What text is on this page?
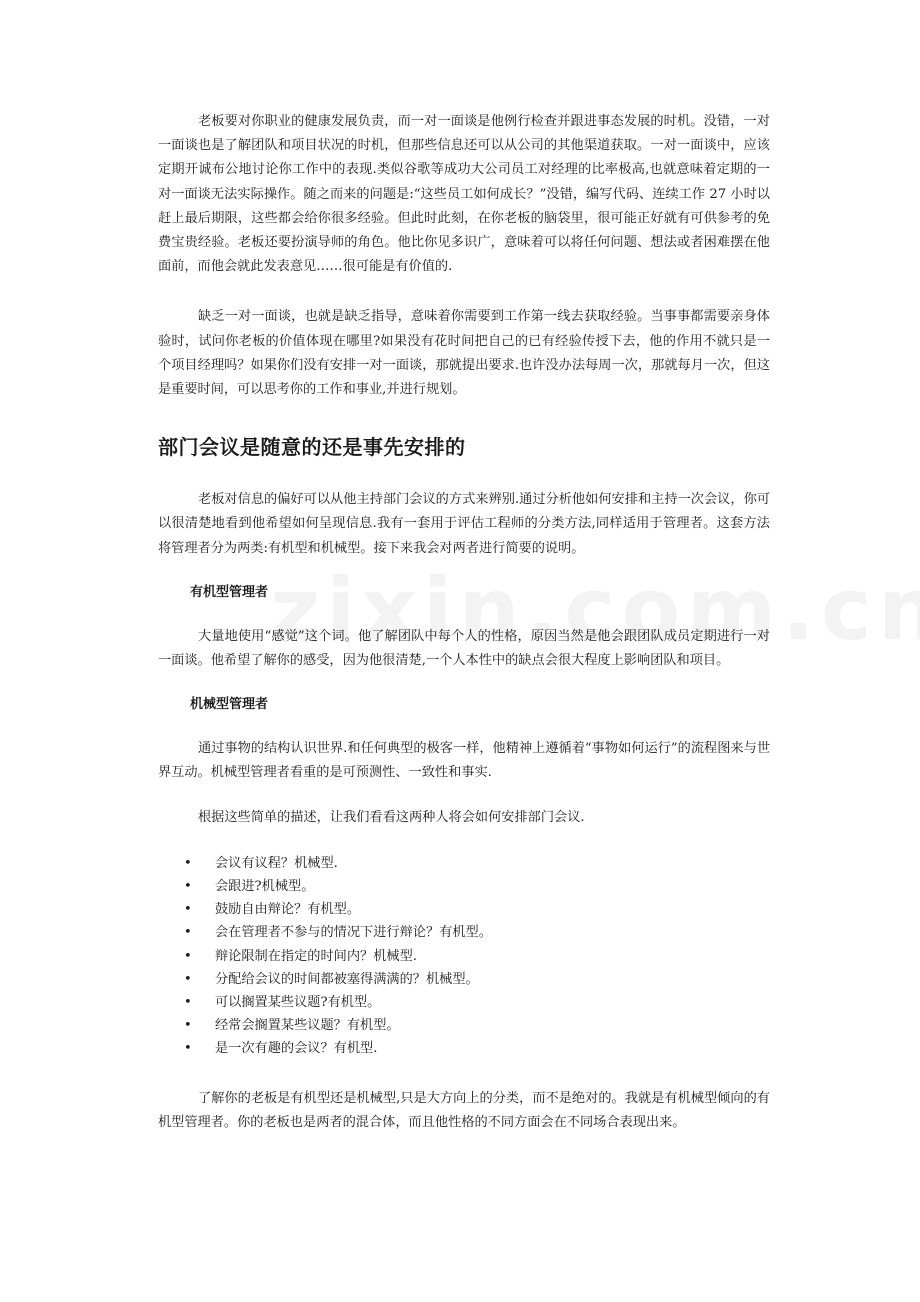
老板要对你职业的健康发展负责，而一对一面谈是他例行检查并跟进事态发展的时机。没错，一对一面谈也是了解团队和项目状况的时机，但那些信息还可以从公司的其他渠道获取。一对一面谈中，应该定期开诚布公地讨论你工作中的表现.类似谷歌等成功大公司员工对经理的比率极高,也就意味着定期的一对一面谈无法实际操作。随之而来的问题是:“这些员工如何成长？”没错，编写代码、连续工作 27 小时以赶上最后期限，这些都会给你很多经验。但此时此刻，在你老板的脑袋里，很可能正好就有可供参考的免费宝贵经验。老板还要扮演导师的角色。他比你见多识广，意味着可以将任何问题、想法或者困难摆在他面前，而他会就此发表意见……很可能是有价值的.

缺乏一对一面谈，也就是缺乏指导，意味着你需要到工作第一线去获取经验。当事事都需要亲身体验时，试问你老板的价值体现在哪里?如果没有花时间把自己的已有经验传授下去，他的作用不就只是一个项目经理吗？如果你们没有安排一对一面谈，那就提出要求.也许没办法每周一次，那就每月一次，但这是重要时间，可以思考你的工作和事业,并进行规划。

部门会议是随意的还是事先安排的

老板对信息的偏好可以从他主持部门会议的方式来辨别.通过分析他如何安排和主持一次会议，你可以很清楚地看到他希望如何呈现信息.我有一套用于评估工程师的分类方法,同样适用于管理者。这套方法将管理者分为两类:有机型和机械型。接下来我会对两者进行简要的说明。

有机型管理者

大量地使用“感觉”这个词。他了解团队中每个人的性格，原因当然是他会跟团队成员定期进行一对一面谈。他希望了解你的感受，因为他很清楚,一个人本性中的缺点会很大程度上影响团队和项目。

机械型管理者

通过事物的结构认识世界.和任何典型的极客一样，他精神上遵循着“事物如何运行”的流程图来与世界互动。机械型管理者看重的是可预测性、一致性和事实.

根据这些简单的描述，让我们看看这两种人将会如何安排部门会议.

• 会议有议程？机械型.
• 会跟进?机械型。
• 鼓励自由辩论？有机型。
• 会在管理者不参与的情况下进行辩论？有机型。
• 辩论限制在指定的时间内？机械型.
• 分配给会议的时间都被塞得满满的？机械型。
• 可以搁置某些议题?有机型。
• 经常会搁置某些议题？有机型。
• 是一次有趣的会议？有机型.

了解你的老板是有机型还是机械型,只是大方向上的分类，而不是绝对的。我就是有机械型倾向的有机型管理者。你的老板也是两者的混合体，而且他性格的不同方面会在不同场合表现出来。
